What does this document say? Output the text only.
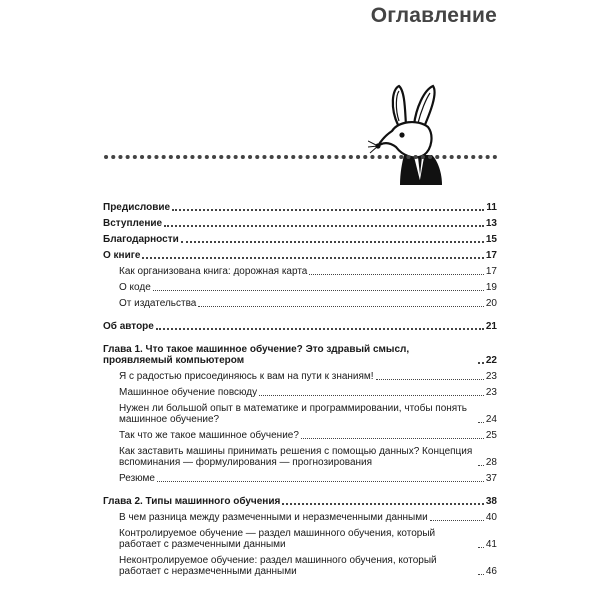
Оглавление
Предисловие	11
Вступление	13
Благодарности	15
О книге	17
Как организована книга: дорожная карта	17
О коде	19
От издательства	20
Об авторе	21
Глава 1. Что такое машинное обучение? Это здравый смысл, проявляемый компьютером	22
Я с радостью присоединяюсь к вам на пути к знаниям!	23
Машинное обучение повсюду	23
Нужен ли большой опыт в математике и программировании, чтобы понять машинное обучение?	24
Так что же такое машинное обучение?	25
Как заставить машины принимать решения с помощью данных? Концепция вспоминания — формулирования — прогнозирования	28
Резюме	37
Глава 2. Типы машинного обучения	38
В чем разница между размеченными и неразмеченными данными	40
Контролируемое обучение — раздел машинного обучения, который работает с размеченными данными	41
Неконтролируемое обучение: раздел машинного обучения, который работает с неразмеченными данными	46
